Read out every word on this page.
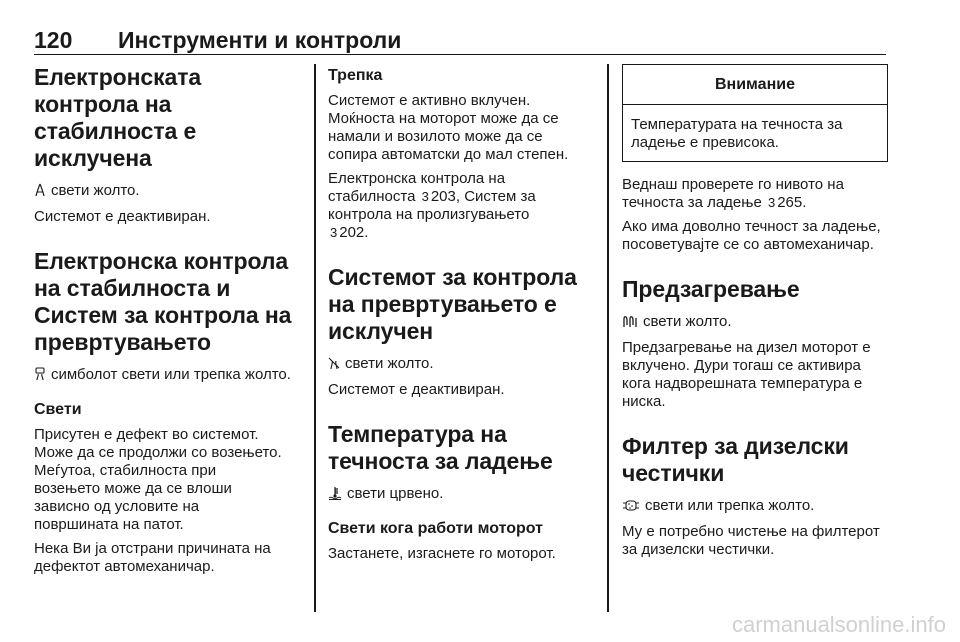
120 Инструменти и контроли
Електронската контрола на стабилноста е исклучена

свети жолто.

Системот е деактивиран.

Електронска контрола на стабилноста и Систем за контрола на превртувањето

симболот свети или трепка жолто.

Свети

Присутен е дефект во системот.
Може да се продолжи со возењето.
Меѓутоа, стабилноста при
возењето може да се влоши
зависно од условите на
површината на патот.

Нека Ви ја отстрани причината на дефектот автомеханичар.

Трепка

Системот е активно вклучен.
Моќноста на моторот може да се
намали и возилото може да се
сопира автоматски до мал степен.

Електронска контрола на
стабилноста 3 203, Систем за
контрола на пролизгувањето
3 202.

Системот за контрола на превртувањето е исклучен

свети жолто.

Системот е деактивиран.

Температура на течноста за ладење

свети црвено.

Свети кога работи моторот

Застанете, изгаснете го моторот.

Внимание
Температурата на течноста за ладење е превисока.

Веднаш проверете го нивото на
течноста за ладење 3 265.

Ако има доволно течност за ладење, посоветувајте се со автомеханичар.

Предзагревање

свети жолто.

Предзагревање на дизел моторот е вклучено. Дури тогаш се активира кога надворешната температура е ниска.

Филтер за дизелски честички

свети или трепка жолто.

Му е потребно чистење на филтерот за дизелски честички.

carmanualsonline.info
